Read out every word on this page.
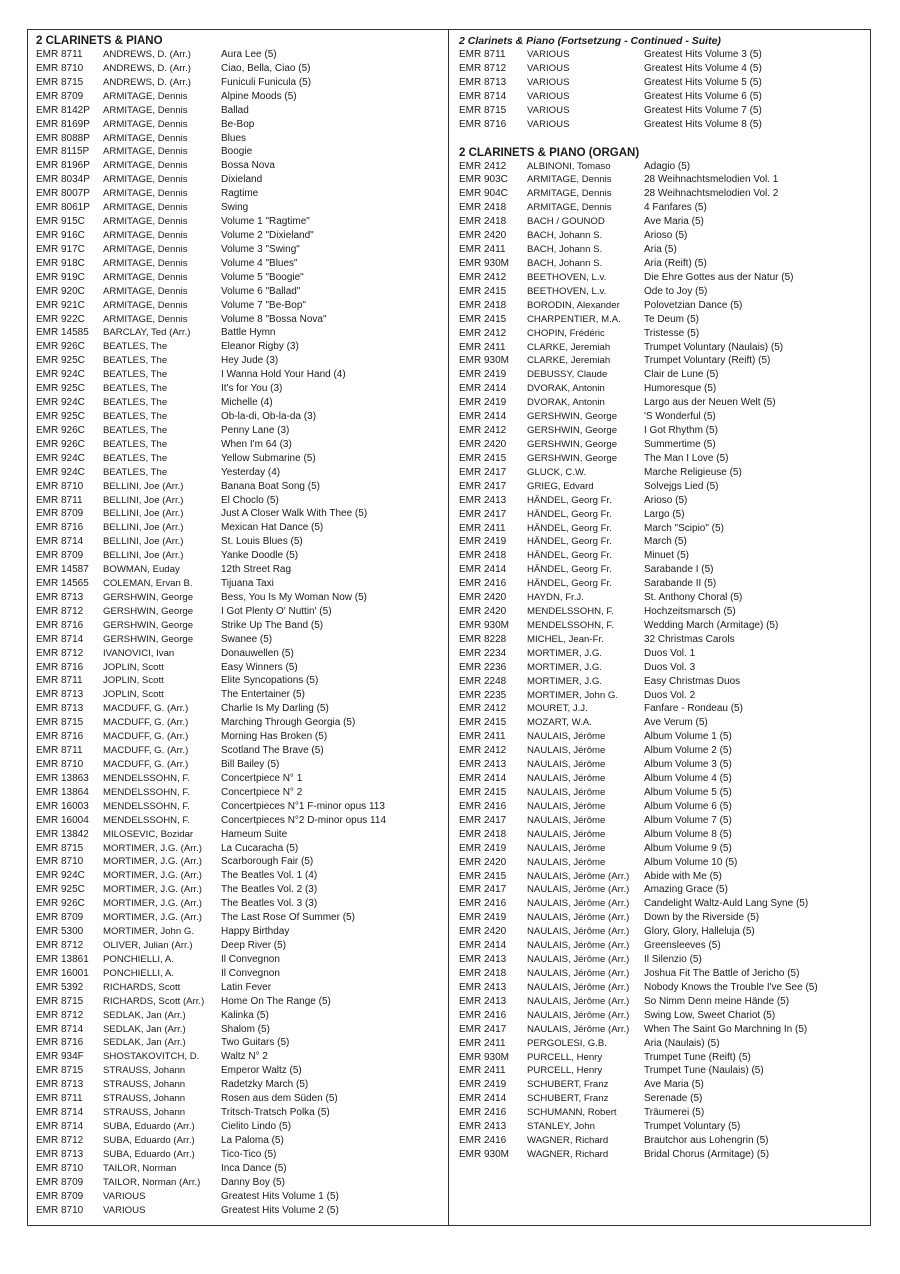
2 CLARINETS & PIANO
EMR 8711	ANDREWS, D. (Arr.)	Aura Lee (5)
EMR 8710	ANDREWS, D. (Arr.)	Ciao, Bella, Ciao (5)
EMR 8715	ANDREWS, D. (Arr.)	Funiculi Funicula (5)
EMR 8709	ARMITAGE, Dennis	Alpine Moods (5)
EMR 8142P	ARMITAGE, Dennis	Ballad
EMR 8169P	ARMITAGE, Dennis	Be-Bop
EMR 8088P	ARMITAGE, Dennis	Blues
EMR 8115P	ARMITAGE, Dennis	Boogie
EMR 8196P	ARMITAGE, Dennis	Bossa Nova
EMR 8034P	ARMITAGE, Dennis	Dixieland
EMR 8007P	ARMITAGE, Dennis	Ragtime
EMR 8061P	ARMITAGE, Dennis	Swing
EMR 915C	ARMITAGE, Dennis	Volume 1 "Ragtime"
EMR 916C	ARMITAGE, Dennis	Volume 2 "Dixieland"
EMR 917C	ARMITAGE, Dennis	Volume 3 "Swing"
EMR 918C	ARMITAGE, Dennis	Volume 4 "Blues"
EMR 919C	ARMITAGE, Dennis	Volume 5 "Boogie"
EMR 920C	ARMITAGE, Dennis	Volume 6 "Ballad"
EMR 921C	ARMITAGE, Dennis	Volume 7 "Be-Bop"
EMR 922C	ARMITAGE, Dennis	Volume 8 "Bossa Nova"
EMR 14585	BARCLAY, Ted (Arr.)	Battle Hymn
EMR 926C	BEATLES, The	Eleanor Rigby (3)
EMR 925C	BEATLES, The	Hey Jude (3)
EMR 924C	BEATLES, The	I Wanna Hold Your Hand (4)
EMR 925C	BEATLES, The	It's for You (3)
EMR 924C	BEATLES, The	Michelle (4)
EMR 925C	BEATLES, The	Ob-la-di, Ob-la-da (3)
EMR 926C	BEATLES, The	Penny Lane (3)
EMR 926C	BEATLES, The	When I'm 64 (3)
EMR 924C	BEATLES, The	Yellow Submarine (5)
EMR 924C	BEATLES, The	Yesterday (4)
EMR 8710	BELLINI, Joe (Arr.)	Banana Boat Song (5)
EMR 8711	BELLINI, Joe (Arr.)	El Choclo (5)
EMR 8709	BELLINI, Joe (Arr.)	Just A Closer Walk With Thee (5)
EMR 8716	BELLINI, Joe (Arr.)	Mexican Hat Dance (5)
EMR 8714	BELLINI, Joe (Arr.)	St. Louis Blues (5)
EMR 8709	BELLINI, Joe (Arr.)	Yanke Doodle (5)
EMR 14587	BOWMAN, Euday	12th Street Rag
EMR 14565	COLEMAN, Ervan B.	Tijuana Taxi
EMR 8713	GERSHWIN, George	Bess, You Is My Woman Now (5)
EMR 8712	GERSHWIN, George	I Got Plenty O' Nuttin' (5)
EMR 8716	GERSHWIN, George	Strike Up The Band (5)
EMR 8714	GERSHWIN, George	Swanee (5)
EMR 8712	IVANOVICI, Ivan	Donauwellen (5)
EMR 8716	JOPLIN, Scott	Easy Winners (5)
EMR 8711	JOPLIN, Scott	Elite Syncopations (5)
EMR 8713	JOPLIN, Scott	The Entertainer (5)
EMR 8713	MACDUFF, G. (Arr.)	Charlie Is My Darling (5)
EMR 8715	MACDUFF, G. (Arr.)	Marching Through Georgia (5)
EMR 8716	MACDUFF, G. (Arr.)	Morning Has Broken (5)
EMR 8711	MACDUFF, G. (Arr.)	Scotland The Brave (5)
EMR 8710	MACDUFF, G. (Arr.)	Bill Bailey (5)
EMR 13863	MENDELSSOHN, F.	Concertpiece N° 1
EMR 13864	MENDELSSOHN, F.	Concertpiece N° 2
EMR 16003	MENDELSSOHN, F.	Concertpieces N°1 F-minor opus 113
EMR 16004	MENDELSSOHN, F.	Concertpieces N°2 D-minor opus 114
EMR 13842	MILOSEVIC, Bozidar	Hameum Suite
EMR 8715	MORTIMER, J.G. (Arr.)	La Cucaracha (5)
EMR 8710	MORTIMER, J.G. (Arr.)	Scarborough Fair (5)
EMR 924C	MORTIMER, J.G. (Arr.)	The Beatles Vol. 1 (4)
EMR 925C	MORTIMER, J.G. (Arr.)	The Beatles Vol. 2 (3)
EMR 926C	MORTIMER, J.G. (Arr.)	The Beatles Vol. 3 (3)
EMR 8709	MORTIMER, J.G. (Arr.)	The Last Rose Of Summer (5)
EMR 5300	MORTIMER, John G.	Happy Birthday
EMR 8712	OLIVER, Julian (Arr.)	Deep River (5)
EMR 13861	PONCHIELLI, A.	Il Convegnon
EMR 16001	PONCHIELLI, A.	Il Convegnon
EMR 5392	RICHARDS, Scott	Latin Fever
EMR 8715	RICHARDS, Scott (Arr.)	Home On The Range (5)
EMR 8712	SEDLAK, Jan (Arr.)	Kalinka (5)
EMR 8714	SEDLAK, Jan (Arr.)	Shalom (5)
EMR 8716	SEDLAK, Jan (Arr.)	Two Guitars (5)
EMR 934F	SHOSTAKOVITCH, D.	Waltz N° 2
EMR 8715	STRAUSS, Johann	Emperor Waltz (5)
EMR 8713	STRAUSS, Johann	Radetzky March (5)
EMR 8711	STRAUSS, Johann	Rosen aus dem Süden (5)
EMR 8714	STRAUSS, Johann	Tritsch-Tratsch Polka (5)
EMR 8714	SUBA, Eduardo (Arr.)	Cielito Lindo (5)
EMR 8712	SUBA, Eduardo (Arr.)	La Paloma (5)
EMR 8713	SUBA, Eduardo (Arr.)	Tico-Tico (5)
EMR 8710	TAILOR, Norman	Inca Dance (5)
EMR 8709	TAILOR, Norman (Arr.)	Danny Boy (5)
EMR 8709	VARIOUS	Greatest Hits Volume 1 (5)
EMR 8710	VARIOUS	Greatest Hits Volume 2 (5)
2 Clarinets & Piano (Fortsetzung - Continued - Suite)
EMR 8711	VARIOUS	Greatest Hits Volume 3 (5)
EMR 8712	VARIOUS	Greatest Hits Volume 4 (5)
EMR 8713	VARIOUS	Greatest Hits Volume 5 (5)
EMR 8714	VARIOUS	Greatest Hits Volume 6 (5)
EMR 8715	VARIOUS	Greatest Hits Volume 7 (5)
EMR 8716	VARIOUS	Greatest Hits Volume 8 (5)
2 CLARINETS & PIANO (ORGAN)
EMR 2412	ALBINONI, Tomaso	Adagio (5)
EMR 903C	ARMITAGE, Dennis	28 Weihnachtsmelodien Vol. 1
EMR 904C	ARMITAGE, Dennis	28 Weihnachtsmelodien Vol. 2
EMR 2418	ARMITAGE, Dennis	4 Fanfares (5)
EMR 2418	BACH / GOUNOD	Ave Maria (5)
EMR 2420	BACH, Johann S.	Arioso (5)
EMR 2411	BACH, Johann S.	Aria (5)
EMR 930M	BACH, Johann S.	Aria (Reift) (5)
EMR 2412	BEETHOVEN, L.v.	Die Ehre Gottes aus der Natur (5)
EMR 2415	BEETHOVEN, L.v.	Ode to Joy (5)
EMR 2418	BORODIN, Alexander	Polovetzian Dance (5)
EMR 2415	CHARPENTIER, M.A.	Te Deum (5)
EMR 2412	CHOPIN, Frédéric	Tristesse (5)
EMR 2411	CLARKE, Jeremiah	Trumpet Voluntary (Naulais) (5)
EMR 930M	CLARKE, Jeremiah	Trumpet Voluntary (Reift) (5)
EMR 2419	DEBUSSY, Claude	Clair de Lune (5)
EMR 2414	DVORAK, Antonin	Humoresque (5)
EMR 2419	DVORAK, Antonin	Largo aus der Neuen Welt (5)
EMR 2414	GERSHWIN, George	'S Wonderful (5)
EMR 2412	GERSHWIN, George	I Got Rhythm (5)
EMR 2420	GERSHWIN, George	Summertime (5)
EMR 2415	GERSHWIN, George	The Man I Love (5)
EMR 2417	GLUCK, C.W.	Marche Religieuse (5)
EMR 2417	GRIEG, Edvard	Solvejgs Lied (5)
EMR 2413	HÄNDEL, Georg Fr.	Arioso (5)
EMR 2417	HÄNDEL, Georg Fr.	Largo (5)
EMR 2411	HÄNDEL, Georg Fr.	March "Scipio" (5)
EMR 2419	HÄNDEL, Georg Fr.	March (5)
EMR 2418	HÄNDEL, Georg Fr.	Minuet (5)
EMR 2414	HÄNDEL, Georg Fr.	Sarabande I (5)
EMR 2416	HÄNDEL, Georg Fr.	Sarabande II (5)
EMR 2420	HAYDN, Fr.J.	St. Anthony Choral (5)
EMR 2420	MENDELSSOHN, F.	Hochzeitsmarsch (5)
EMR 930M	MENDELSSOHN, F.	Wedding March (Armitage) (5)
EMR 8228	MICHEL, Jean-Fr.	32 Christmas Carols
EMR 2234	MORTIMER, J.G.	Duos Vol. 1
EMR 2236	MORTIMER, J.G.	Duos Vol. 3
EMR 2248	MORTIMER, J.G.	Easy Christmas Duos
EMR 2235	MORTIMER, John G.	Duos Vol. 2
EMR 2412	MOURET, J.J.	Fanfare - Rondeau (5)
EMR 2415	MOZART, W.A.	Ave Verum (5)
EMR 2411	NAULAIS, Jérôme	Album Volume 1 (5)
EMR 2412	NAULAIS, Jérôme	Album Volume 2 (5)
EMR 2413	NAULAIS, Jérôme	Album Volume 3 (5)
EMR 2414	NAULAIS, Jérôme	Album Volume 4 (5)
EMR 2415	NAULAIS, Jérôme	Album Volume 5 (5)
EMR 2416	NAULAIS, Jérôme	Album Volume 6 (5)
EMR 2417	NAULAIS, Jérôme	Album Volume 7 (5)
EMR 2418	NAULAIS, Jérôme	Album Volume 8 (5)
EMR 2419	NAULAIS, Jérôme	Album Volume 9 (5)
EMR 2420	NAULAIS, Jérôme	Album Volume 10 (5)
EMR 2415	NAULAIS, Jérôme (Arr.)	Abide with Me (5)
EMR 2417	NAULAIS, Jérôme (Arr.)	Amazing Grace (5)
EMR 2416	NAULAIS, Jérôme (Arr.)	Candelight Waltz-Auld Lang Syne (5)
EMR 2419	NAULAIS, Jérôme (Arr.)	Down by the Riverside (5)
EMR 2420	NAULAIS, Jérôme (Arr.)	Glory, Glory, Halleluja (5)
EMR 2414	NAULAIS, Jérôme (Arr.)	Greensleeves (5)
EMR 2413	NAULAIS, Jérôme (Arr.)	Il Silenzio (5)
EMR 2418	NAULAIS, Jérôme (Arr.)	Joshua Fit The Battle of Jericho (5)
EMR 2413	NAULAIS, Jérôme (Arr.)	Nobody Knows the Trouble I've See (5)
EMR 2413	NAULAIS, Jérôme (Arr.)	So Nimm Denn meine Hände (5)
EMR 2416	NAULAIS, Jérôme (Arr.)	Swing Low, Sweet Chariot (5)
EMR 2417	NAULAIS, Jérôme (Arr.)	When The Saint Go Marchning In (5)
EMR 2411	PERGOLESI, G.B.	Aria (Naulais) (5)
EMR 930M	PURCELL, Henry	Trumpet Tune (Reift) (5)
EMR 2411	PURCELL, Henry	Trumpet Tune (Naulais) (5)
EMR 2419	SCHUBERT, Franz	Ave Maria (5)
EMR 2414	SCHUBERT, Franz	Serenade (5)
EMR 2416	SCHUMANN, Robert	Träumerei (5)
EMR 2413	STANLEY, John	Trumpet Voluntary (5)
EMR 2416	WAGNER, Richard	Brautchor aus Lohengrin (5)
EMR 930M	WAGNER, Richard	Bridal Chorus (Armitage) (5)
